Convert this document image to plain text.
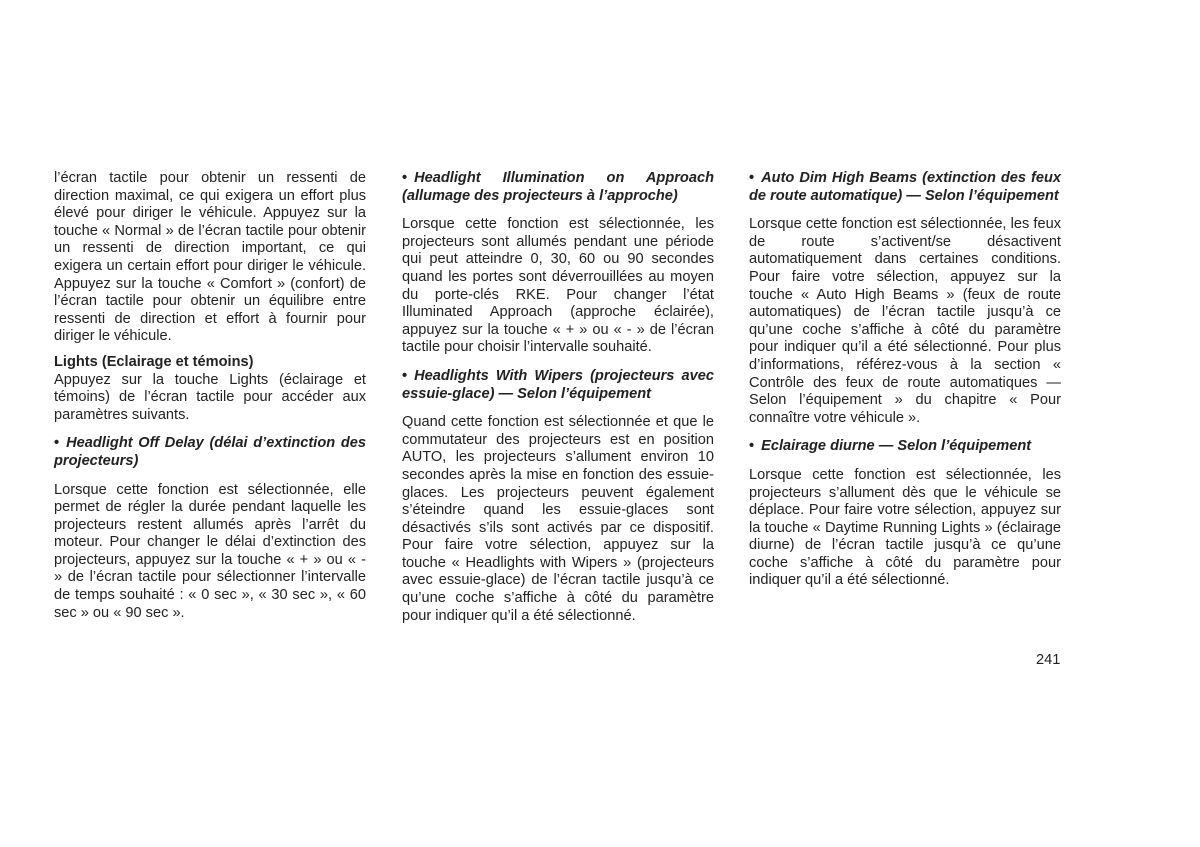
l’écran tactile pour obtenir un ressenti de direction maximal, ce qui exigera un effort plus élevé pour diriger le véhicule. Appuyez sur la touche « Normal » de l’écran tactile pour obtenir un ressenti de direction important, ce qui exigera un certain effort pour diriger le véhicule. Appuyez sur la touche « Comfort » (confort) de l’écran tactile pour obtenir un équilibre entre ressenti de direction et effort à fournir pour diriger le véhicule.

Lights (Eclairage et témoins)

Appuyez sur la touche Lights (éclairage et témoins) de l’écran tactile pour accéder aux paramètres suivants.

• Headlight Off Delay (délai d’extinction des projecteurs)

Lorsque cette fonction est sélectionnée, elle permet de régler la durée pendant laquelle les projecteurs restent allumés après l’arrêt du moteur. Pour changer le délai d’extinction des projecteurs, appuyez sur la touche « + » ou « - » de l’écran tactile pour sélectionner l’intervalle de temps souhaité : « 0 sec », « 30 sec », « 60 sec » ou « 90 sec ».

• Headlight Illumination on Approach (allumage des projecteurs à l’approche)

Lorsque cette fonction est sélectionnée, les projecteurs sont allumés pendant une période qui peut atteindre 0, 30, 60 ou 90 secondes quand les portes sont déverrouillées au moyen du porte-clés RKE. Pour changer l’état Illuminated Approach (approche éclairée), appuyez sur la touche « + » ou « - » de l’écran tactile pour choisir l’intervalle souhaité.

• Headlights With Wipers (projecteurs avec essuie-glace) — Selon l’équipement

Quand cette fonction est sélectionnée et que le commutateur des projecteurs est en position AUTO, les projecteurs s’allument environ 10 secondes après la mise en fonction des essuie-glaces. Les projecteurs peuvent également s’éteindre quand les essuie-glaces sont désactivés s’ils sont activés par ce dispositif. Pour faire votre sélection, appuyez sur la touche « Headlights with Wipers » (projecteurs avec essuie-glace) de l’écran tactile jusqu’à ce qu’une coche s’affiche à côté du paramètre pour indiquer qu’il a été sélectionné.

• Auto Dim High Beams (extinction des feux de route automatique) — Selon l’équipement

Lorsque cette fonction est sélectionnée, les feux de route s’activent/se désactivent automatiquement dans certaines conditions. Pour faire votre sélection, appuyez sur la touche « Auto High Beams » (feux de route automatiques) de l’écran tactile jusqu’à ce qu’une coche s’affiche à côté du paramètre pour indiquer qu’il a été sélectionné. Pour plus d’informations, référez-vous à la section « Contrôle des feux de route automatiques — Selon l’équipement » du chapitre « Pour connaître votre véhicule ».

• Eclairage diurne — Selon l’équipement

Lorsque cette fonction est sélectionnée, les projecteurs s’allument dès que le véhicule se déplace. Pour faire votre sélection, appuyez sur la touche « Daytime Running Lights » (éclairage diurne) de l’écran tactile jusqu’à ce qu’une coche s’affiche à côté du paramètre pour indiquer qu’il a été sélectionné.

241
